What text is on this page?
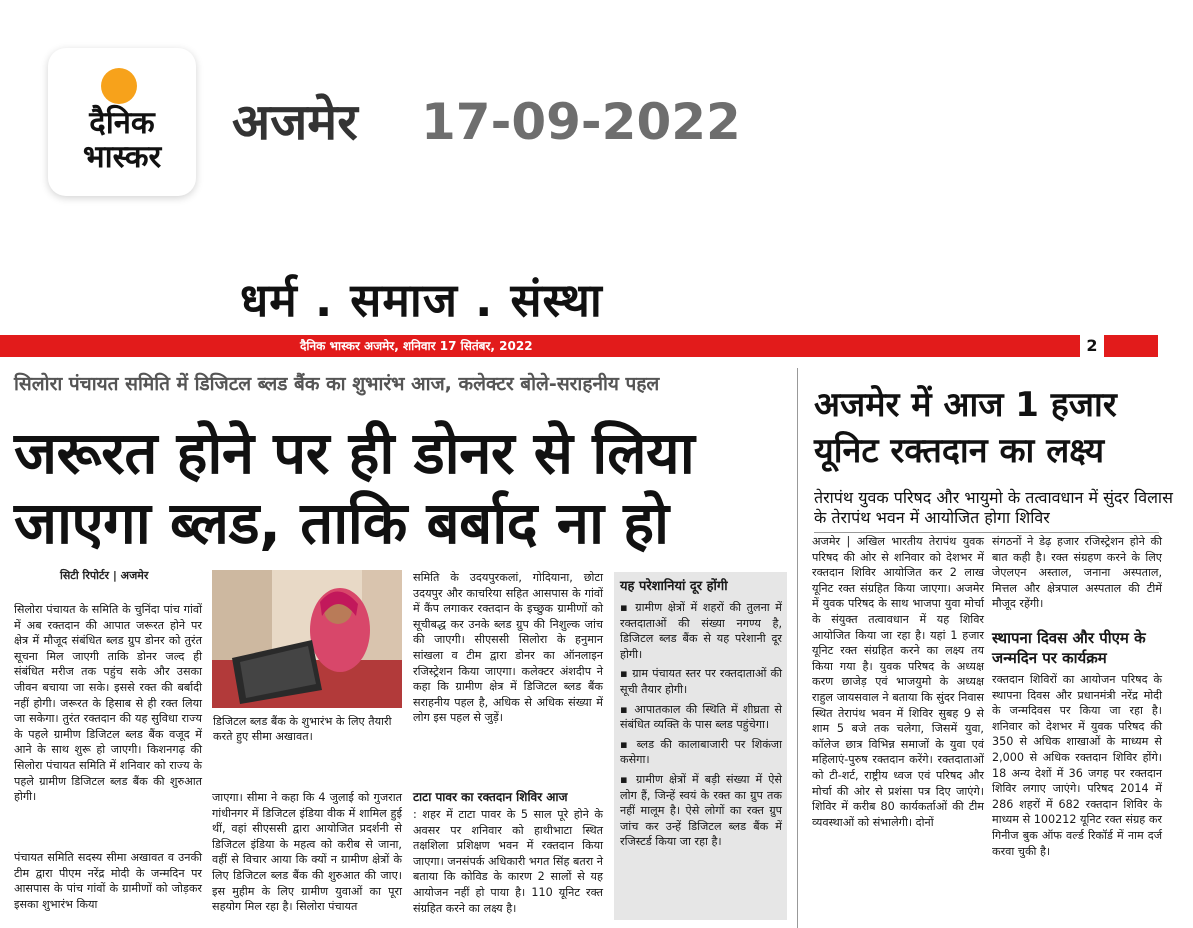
दैनिक
भास्कर
अजमेर 17-09-2022
धर्म . समाज . संस्था
दैनिक भास्कर अजमेर, शनिवार 17 सितंबर, 2022	2
सिलोरा पंचायत समिति में डिजिटल ब्लड बैंक का शुभारंभ आज, कलेक्टर बोले-सराहनीय पहल
जरूरत होने पर ही डोनर से लिया जाएगा ब्लड, ताकि बर्बाद ना हो
सिटी रिपोर्टर | अजमेर
सिलोरा पंचायत के समिति के चुनिंदा पांच गांवों में अब रक्तदान की आपात जरूरत होने पर क्षेत्र में मौजूद संबंधित ब्लड ग्रुप डोनर को तुरंत सूचना मिल जाएगी ताकि डोनर जल्द ही संबंधित मरीज तक पहुंच सके और उसका जीवन बचाया जा सके। इससे रक्त की बर्बादी नहीं होगी। जरूरत के हिसाब से ही रक्त लिया जा सकेगा। तुरंत रक्तदान की यह सुविधा राज्य के पहले ग्रामीण डिजिटल ब्लड बैंक वजूद में आने के साथ शुरू हो जाएगी। किशनगढ़ की सिलोरा पंचायत समिति में शनिवार को राज्य के पहले ग्रामीण डिजिटल ब्लड बैंक की शुरुआत होगी।
पंचायत समिति सदस्य सीमा अखावत व उनकी टीम द्वारा पीएम नरेंद्र मोदी के जन्मदिन पर आसपास के पांच गांवों के ग्रामीणों को जोड़कर इसका शुभारंभ किया
डिजिटल ब्लड बैंक के शुभारंभ के लिए तैयारी करते हुए सीमा अखावत।
जाएगा। सीमा ने कहा कि 4 जुलाई को गुजरात गांधीनगर में डिजिटल इंडिया वीक में शामिल हुई थीं, वहां सीएससी द्वारा आयोजित प्रदर्शनी से डिजिटल इंडिया के महत्व को करीब से जाना, वहीं से विचार आया कि क्यों न ग्रामीण क्षेत्रों के लिए डिजिटल ब्लड बैंक की शुरुआत की जाए। इस मुहीम के लिए ग्रामीण युवाओं का पूरा सहयोग मिल रहा है। सिलोरा पंचायत
समिति के उदयपुरकलां, गोदियाना, छोटा उदयपुर और काचरिया सहित आसपास के गांवों में कैंप लगाकर रक्तदान के इच्छुक ग्रामीणों को सूचीबद्ध कर उनके ब्लड ग्रुप की निशुल्क जांच की जाएगी। सीएससी सिलोरा के हनुमान सांखला व टीम द्वारा डोनर का ऑनलाइन रजिस्ट्रेशन किया जाएगा। कलेक्टर अंशदीप ने कहा कि ग्रामीण क्षेत्र में डिजिटल ब्लड बैंक सराहनीय पहल है, अधिक से अधिक संख्या में लोग इस पहल से जुड़ें।
टाटा पावर का रक्तदान शिविर आज
: शहर में टाटा पावर के 5 साल पूरे होने के अवसर पर शनिवार को हाथीभाटा स्थित तक्षशिला प्रशिक्षण भवन में रक्तदान किया जाएगा। जनसंपर्क अधिकारी भगत सिंह बतरा ने बताया कि कोविड के कारण 2 सालों से यह आयोजन नहीं हो पाया है। 110 यूनिट रक्त संग्रहित करने का लक्ष्य है।
यह परेशानियां दूर होंगी

▪ ग्रामीण क्षेत्रों में शहरों की तुलना में रक्तदाताओं की संख्या नगण्य है, डिजिटल ब्लड बैंक से यह परेशानी दूर होगी।

▪ ग्राम पंचायत स्तर पर रक्तदाताओं की सूची तैयार होगी।

▪ आपातकाल की स्थिति में शीघ्रता से संबंधित व्यक्ति के पास ब्लड पहुंचेगा।

▪ ब्लड की कालाबाजारी पर शिकंजा कसेगा।

▪ ग्रामीण क्षेत्रों में बड़ी संख्या में ऐसे लोग हैं, जिन्हें स्वयं के रक्त का ग्रुप तक नहीं मालूम है। ऐसे लोगों का रक्त ग्रुप जांच कर उन्हें डिजिटल ब्लड बैंक में रजिस्टर्ड किया जा रहा है।

अजमेर में आज 1 हजार यूनिट रक्तदान का लक्ष्य
तेरापंथ युवक परिषद और भायुमो के तत्वावधान में सुंदर विलास के तेरापंथ भवन में आयोजित होगा शिविर
अजमेर | अखिल भारतीय तेरापंथ युवक परिषद की ओर से शनिवार को देशभर में रक्तदान शिविर आयोजित कर 2 लाख यूनिट रक्त संग्रहित किया जाएगा। अजमेर में युवक परिषद के साथ भाजपा युवा मोर्चा के संयुक्त तत्वावधान में यह शिविर आयोजित किया जा रहा है। यहां 1 हजार यूनिट रक्त संग्रहित करने का लक्ष्य तय किया गया है। युवक परिषद के अध्यक्ष करण छाजेड़ एवं भाजयुमो के अध्यक्ष राहुल जायसवाल ने बताया कि सुंदर निवास स्थित तेरापंथ भवन में शिविर सुबह 9 से शाम 5 बजे तक चलेगा, जिसमें युवा, कॉलेज छात्र विभिन्न समाजों के युवा एवं महिलाएं-पुरुष रक्तदान करेंगे। रक्तदाताओं को टी-शर्ट, राष्ट्रीय ध्वज एवं परिषद और मोर्चा की ओर से प्रशंसा पत्र दिए जाएंगे। शिविर में करीब 80 कार्यकर्ताओं की टीम व्यवस्थाओं को संभालेगी। दोनों
संगठनों ने डेढ़ हजार रजिस्ट्रेशन होने की बात कही है। रक्त संग्रहण करने के लिए जेएलएन अस्ताल, जनाना अस्पताल, मित्तल और क्षेत्रपाल अस्पताल की टीमें मौजूद रहेंगी।
स्थापना दिवस और पीएम के जन्मदिन पर कार्यक्रम
रक्तदान शिविरों का आयोजन परिषद के स्थापना दिवस और प्रधानमंत्री नरेंद्र मोदी के जन्मदिवस पर किया जा रहा है। शनिवार को देशभर में युवक परिषद की 350 से अधिक शाखाओं के माध्यम से 2,000 से अधिक रक्तदान शिविर होंगे। 18 अन्य देशों में 36 जगह पर रक्तदान शिविर लगाए जाएंगे। परिषद 2014 में 286 शहरों में 682 रक्तदान शिविर के माध्यम से 100212 यूनिट रक्त संग्रह कर गिनीज बुक ऑफ वर्ल्ड रिकॉर्ड में नाम दर्ज करवा चुकी है।
